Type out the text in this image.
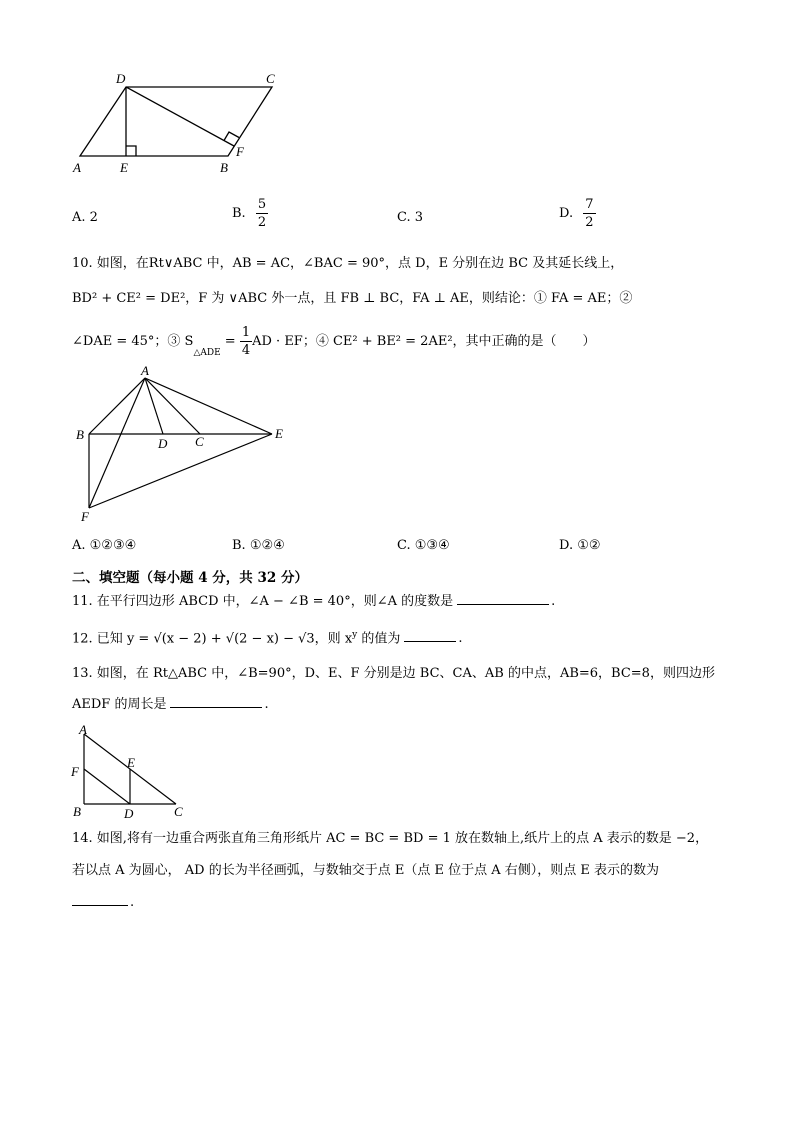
D	C
A	E	B
F
A. 2	B. $\frac{5}{2}$	C. 3	D. $\frac{7}{2}$
10. 如图，在Rt∨ABC 中，AB = AC，∠BAC = 90°，点 D，E 分别在边 BC 及其延长线上，
BD² + CE² = DE²，F 为 ∨ABC 外一点，且 FB ⊥ BC，FA ⊥ AE，则结论：① FA = AE；②
∠DAE = 45°；③ $S_{\triangle ADE} = \frac{1}{4}$ AD · EF；④ CE² + BE² = 2AE²，其中正确的是（　　）
A
B
D C
E
F
A. ①②③④	B. ①②④	C. ①③④	D. ①②
二、填空题（每小题 4 分，共 32 分）
11. 在平行四边形 ABCD 中，∠A − ∠B = 40°，则∠A 的度数是	.
12. 已知 y = √(x − 2) + √(2 − x) − √3，则 $x^y$ 的值为	.
13. 如图，在 Rt△ABC 中，∠B=90°，D、E、F 分别是边 BC、CA、AB 的中点，AB=6，BC=8，则四边形
AEDF 的周长是	.
A
F
E
B	D	C
14. 如图,将有一边重合两张直角三角形纸片 AC = BC = BD = 1 放在数轴上,纸片上的点 A 表示的数是 −2，
若以点 A 为圆心， AD 的长为半径画弧，与数轴交于点 E（点 E 位于点 A 右侧），则点 E 表示的数为
.
